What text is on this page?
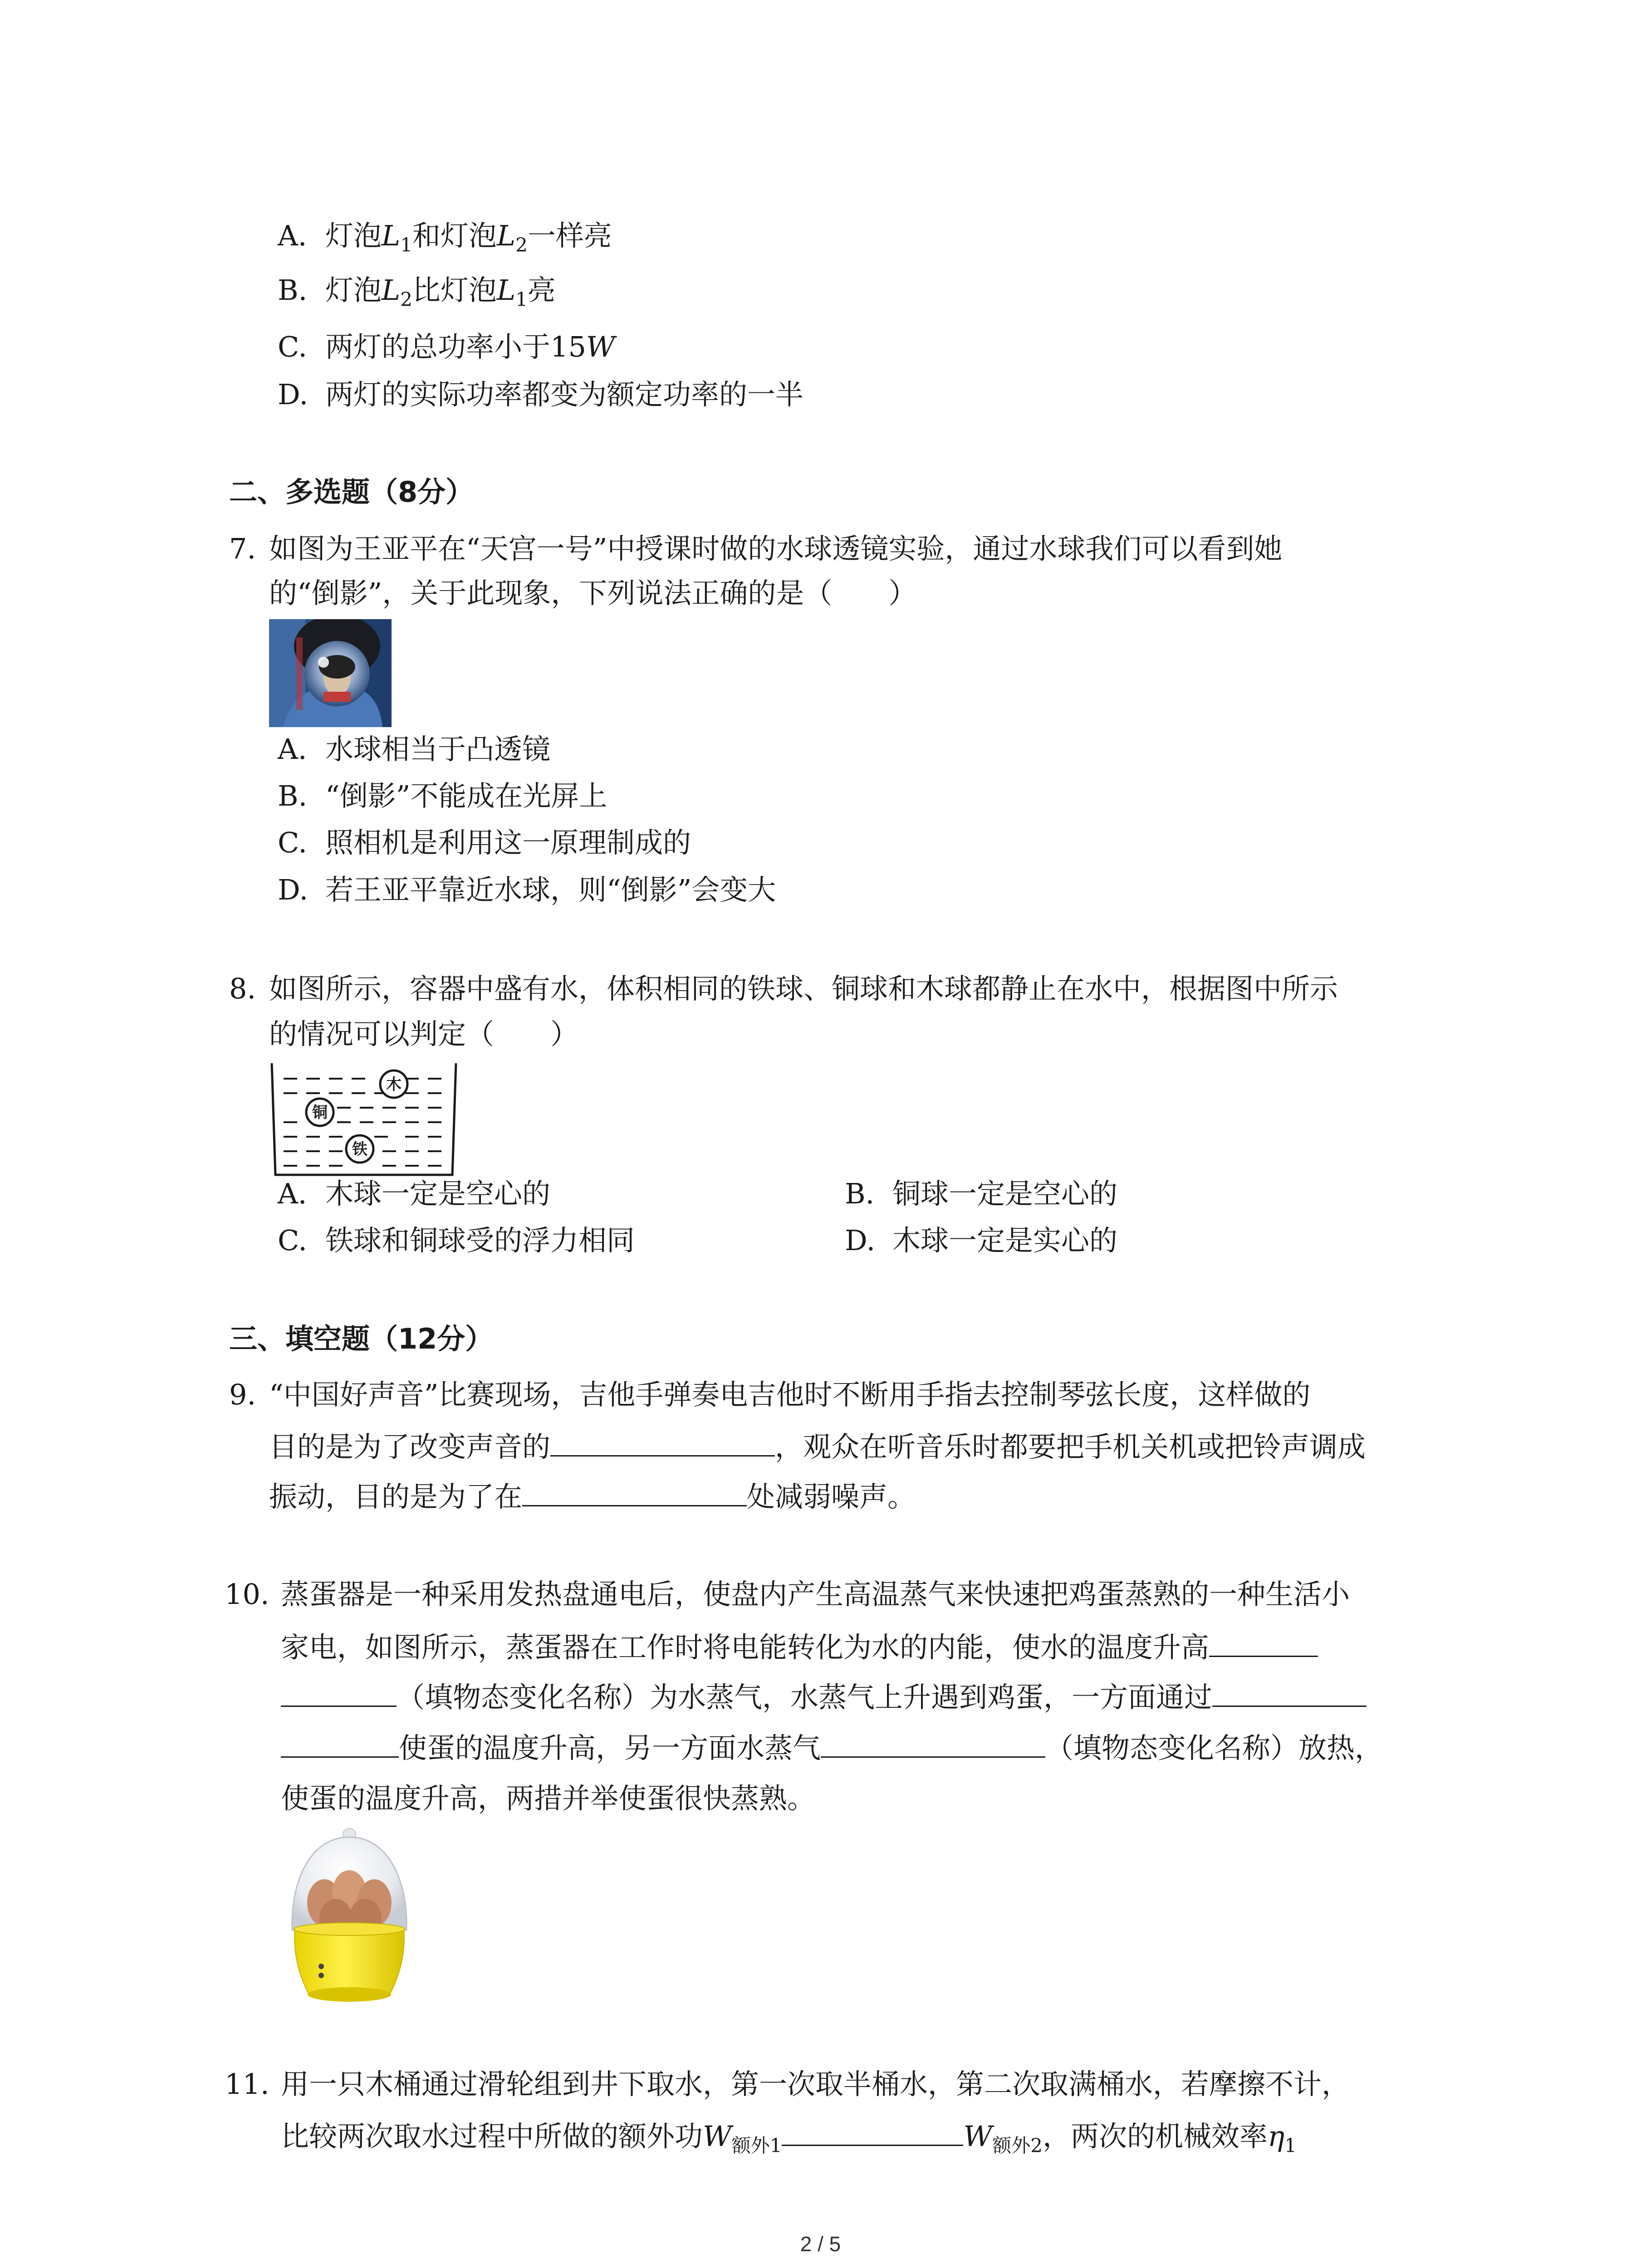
A. 灯泡$L_1$和灯泡$L_2$一样亮
B. 灯泡$L_2$比灯泡$L_1$亮
C. 两灯的总功率小于15W
D. 两灯的实际功率都变为额定功率的一半
二、多选题（8分）
7. 如图为王亚平在“天宫一号”中授课时做的水球透镜实验，通过水球我们可以看到她
的“倒影”，关于此现象，下列说法正确的是（　　）
A. 水球相当于凸透镜
B. “倒影”不能成在光屏上
C. 照相机是利用这一原理制成的
D. 若王亚平靠近水球，则“倒影”会变大
8. 如图所示，容器中盛有水，体积相同的铁球、铜球和木球都静止在水中，根据图中所示
的情况可以判定（　　）
木
铜
铁
A. 木球一定是空心的	B. 铜球一定是空心的
C. 铁球和铜球受的浮力相同	D. 木球一定是实心的
三、填空题（12分）
9. “中国好声音”比赛现场，吉他手弹奏电吉他时不断用手指去控制琴弦长度，这样做的
目的是为了改变声音的	，观众在听音乐时都要把手机关机或把铃声调成
振动，目的是为了在	处减弱噪声。
10. 蒸蛋器是一种采用发热盘通电后，使盘内产生高温蒸气来快速把鸡蛋蒸熟的一种生活小
家电，如图所示，蒸蛋器在工作时将电能转化为水的内能，使水的温度升高
（填物态变化名称）为水蒸气，水蒸气上升遇到鸡蛋，一方面通过
使蛋的温度升高，另一方面水蒸气	（填物态变化名称）放热，
使蛋的温度升高，两措并举使蛋很快蒸熟。
11. 用一只木桶通过滑轮组到井下取水，第一次取半桶水，第二次取满桶水，若摩擦不计，
比较两次取水过程中所做的额外功$W_{额外1}$	$W_{额外2}$，两次的机械效率$\eta_1$
2 / 5
